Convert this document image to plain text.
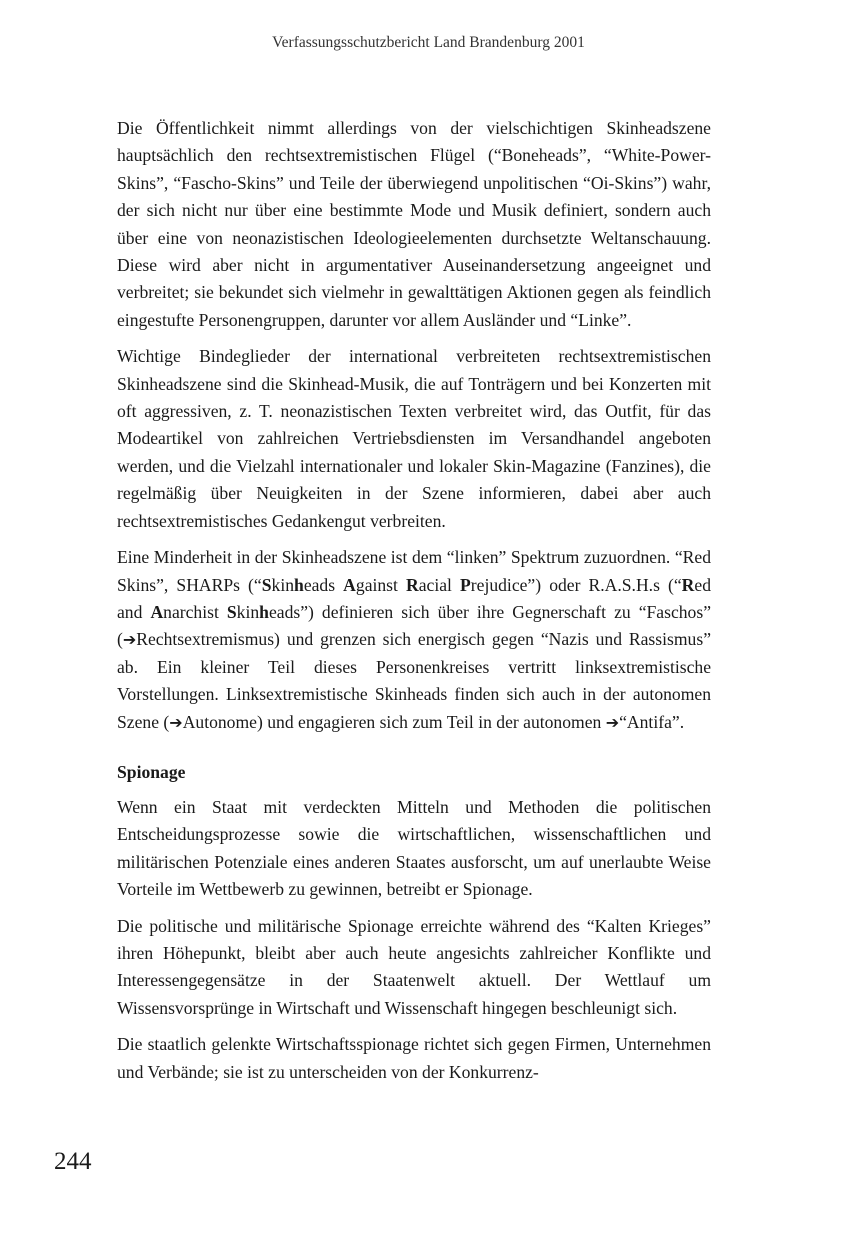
Verfassungsschutzbericht Land Brandenburg 2001

Die Öffentlichkeit nimmt allerdings von der vielschichtigen Skinheadszene hauptsächlich den rechtsextremistischen Flügel (“Boneheads”, “White-Power-Skins”, “Fascho-Skins” und Teile der überwiegend unpolitischen “Oi-Skins”) wahr, der sich nicht nur über eine bestimmte Mode und Musik definiert, sondern auch über eine von neonazistischen Ideologieelementen durchsetzte Weltanschauung. Diese wird aber nicht in argumentativer Auseinandersetzung angeeignet und verbreitet; sie bekundet sich vielmehr in gewalttätigen Aktionen gegen als feindlich eingestufte Personengruppen, darunter vor allem Ausländer und “Linke”.

Wichtige Bindeglieder der international verbreiteten rechtsextremistischen Skinheadszene sind die Skinhead-Musik, die auf Tonträgern und bei Konzerten mit oft aggressiven, z. T. neonazistischen Texten verbreitet wird, das Outfit, für das Modeartikel von zahlreichen Vertriebsdiensten im Versandhandel angeboten werden, und die Vielzahl internationaler und lokaler Skin-Magazine (Fanzines), die regelmäßig über Neuigkeiten in der Szene informieren, dabei aber auch rechtsextremistisches Gedankengut verbreiten.

Eine Minderheit in der Skinheadszene ist dem “linken” Spektrum zuzuordnen. “Red Skins”, SHARPs (“Skinheads Against Racial Prejudice”) oder R.A.S.H.s (“Red and Anarchist Skinheads”) definieren sich über ihre Gegnerschaft zu “Faschos” (➔Rechtsextremismus) und grenzen sich energisch gegen “Nazis und Rassismus” ab. Ein kleiner Teil dieses Personenkreises vertritt linksextremistische Vorstellungen. Linksextremistische Skinheads finden sich auch in der autonomen Szene (➔Autonome) und engagieren sich zum Teil in der autonomen ➔“Antifa”.

Spionage

Wenn ein Staat mit verdeckten Mitteln und Methoden die politischen Entscheidungsprozesse sowie die wirtschaftlichen, wissenschaftlichen und militärischen Potenziale eines anderen Staates ausforscht, um auf unerlaubte Weise Vorteile im Wettbewerb zu gewinnen, betreibt er Spionage.

Die politische und militärische Spionage erreichte während des “Kalten Krieges” ihren Höhepunkt, bleibt aber auch heute angesichts zahlreicher Konflikte und Interessengegensätze in der Staatenwelt aktuell. Der Wettlauf um Wissensvorsprünge in Wirtschaft und Wissenschaft hingegen beschleunigt sich.

Die staatlich gelenkte Wirtschaftsspionage richtet sich gegen Firmen, Unternehmen und Verbände; sie ist zu unterscheiden von der Konkurrenz-

244
